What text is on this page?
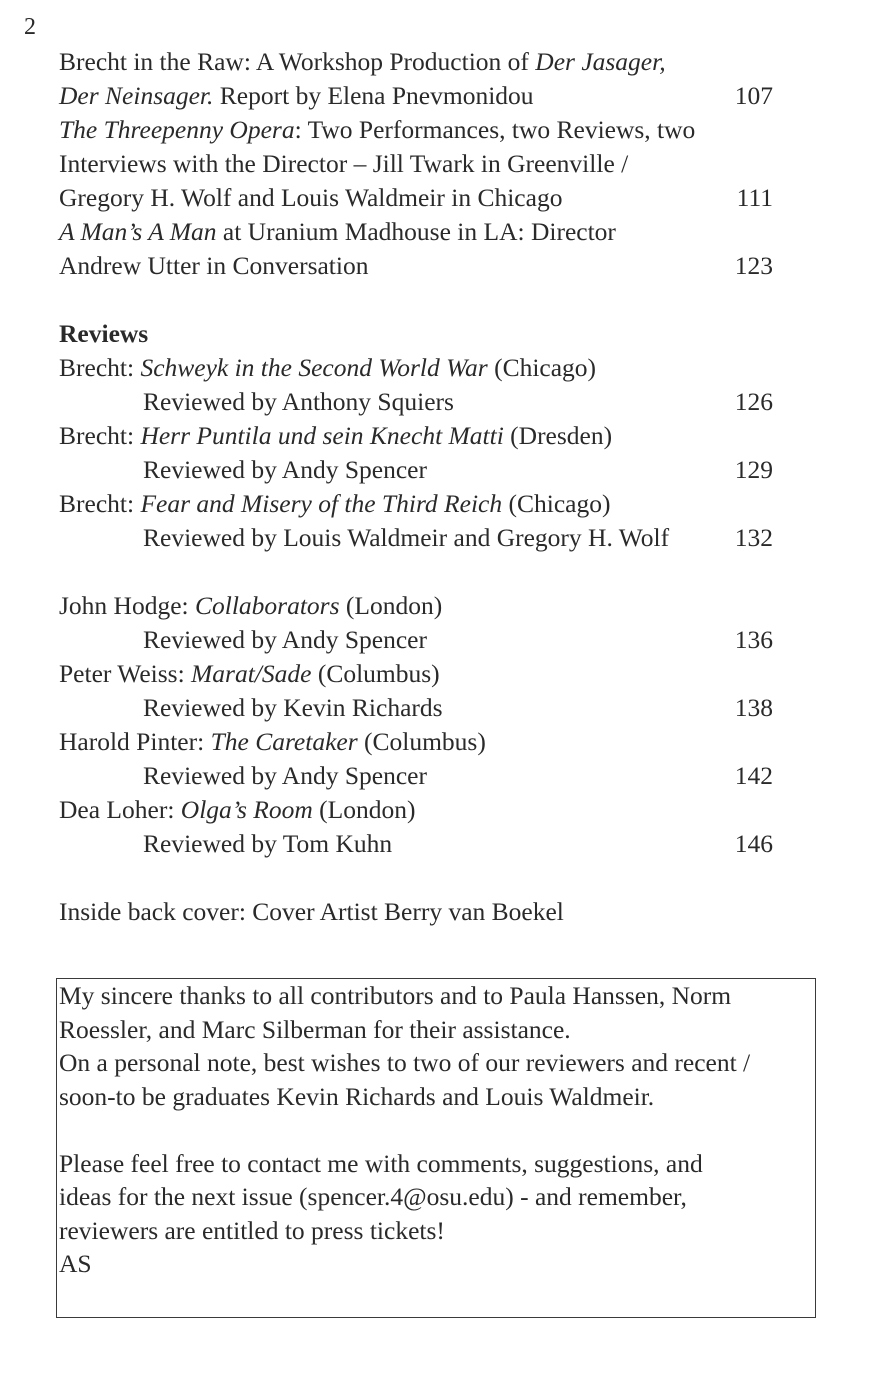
2
Brecht in the Raw: A Workshop Production of Der Jasager,
Der Neinsager. Report by Elena Pnevmonidou	107
The Threepenny Opera: Two Performances, two Reviews, two
Interviews with the Director – Jill Twark in Greenville /
Gregory H. Wolf and Louis Waldmeir in Chicago	111
A Man’s A Man at Uranium Madhouse in LA: Director
Andrew Utter in Conversation	123
Reviews
Brecht: Schweyk in the Second World War (Chicago)
Reviewed by Anthony Squiers	126
Brecht: Herr Puntila und sein Knecht Matti (Dresden)
Reviewed by Andy Spencer	129
Brecht: Fear and Misery of the Third Reich (Chicago)
Reviewed by Louis Waldmeir and Gregory H. Wolf	132
John Hodge: Collaborators (London)
Reviewed by Andy Spencer	136
Peter Weiss: Marat/Sade (Columbus)
Reviewed by Kevin Richards	138
Harold Pinter: The Caretaker (Columbus)
Reviewed by Andy Spencer	142
Dea Loher: Olga’s Room (London)
Reviewed by Tom Kuhn	146
Inside back cover: Cover Artist Berry van Boekel
My sincere thanks to all contributors and to Paula Hanssen, Norm
Roessler, and Marc Silberman for their assistance.
On a personal note, best wishes to two of our reviewers and recent /
soon-to be graduates Kevin Richards and Louis Waldmeir.
Please feel free to contact me with comments, suggestions, and
ideas for the next issue (spencer.4@osu.edu) - and remember,
reviewers are entitled to press tickets!
AS
